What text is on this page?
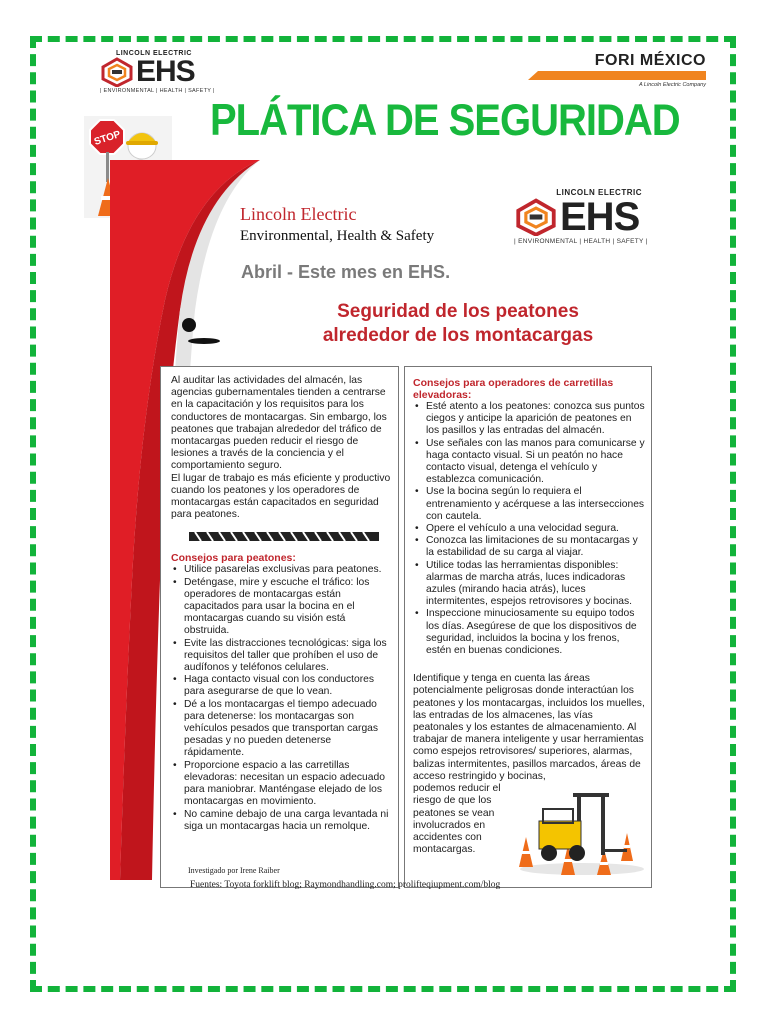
LINCOLN ELECTRIC
EHS
| ENVIRONMENTAL | HEALTH | SAFETY |
FORI MÉXICO
A Lincoln Electric Company
PLÁTICA DE SEGURIDAD
STOP
Lincoln Electric
Environmental, Health & Safety
Abril - Este mes en EHS.
LINCOLN ELECTRIC
EHS
| ENVIRONMENTAL | HEALTH | SAFETY |
Seguridad de los peatones
alrededor de los montacargas
Al auditar las actividades del almacén, las agencias gubernamentales tienden a centrarse en la capacitación y los requisitos para los conductores de montacargas. Sin embargo, los peatones que trabajan alrededor del tráfico de montacargas pueden reducir el riesgo de lesiones a través de la conciencia y el comportamiento seguro.
El lugar de trabajo es más eficiente y productivo cuando los peatones y los operadores de montacargas están capacitados en seguridad para peatones.
Consejos para peatones:
• Utilice pasarelas exclusivas para peatones.
• Deténgase, mire y escuche el tráfico: los operadores de montacargas están capacitados para usar la bocina en el montacargas cuando su visión está obstruida.
• Evite las distracciones tecnológicas: siga los requisitos del taller que prohíben el uso de audífonos y teléfonos celulares.
• Haga contacto visual con los conductores para asegurarse de que lo vean.
• Dé a los montacargas el tiempo adecuado para detenerse: los montacargas son vehículos pesados que transportan cargas pesadas y no pueden detenerse rápidamente.
• Proporcione espacio a las carretillas elevadoras: necesitan un espacio adecuado para maniobrar. Manténgase elejado de los montacargas en movimiento.
• No camine debajo de una carga levantada ni siga un montacargas hacia un remolque.
Consejos para operadores de carretillas elevadoras:
• Esté atento a los peatones: conozca sus puntos ciegos y anticipe la aparición de peatones en los pasillos y las entradas del almacén.
• Use señales con las manos para comunicarse y haga contacto visual. Si un peatón no hace contacto visual, detenga el vehículo y establezca comunicación.
• Use la bocina según lo requiera el entrenamiento y acérquese a las intersecciones con cautela.
• Opere el vehículo a una velocidad segura.
• Conozca las limitaciones de su montacargas y la estabilidad de su carga al viajar.
• Utilice todas las herramientas disponibles: alarmas de marcha atrás, luces indicadoras azules (mirando hacia atrás), luces intermitentes, espejos retrovisores y bocinas.
• Inspeccione minuciosamente su equipo todos los días. Asegúrese de que los dispositivos de seguridad, incluidos la bocina y los frenos, estén en buenas condiciones.
Identifique y tenga en cuenta las áreas potencialmente peligrosas donde interactúan los peatones y los montacargas, incluidos los muelles, las entradas de los almacenes, las vías peatonales y los estantes de almacenamiento. Al trabajar de manera inteligente y usar herramientas como espejos retrovisores/ superiores, alarmas, balizas intermitentes, pasillos marcados, áreas de acceso restringido y bocinas,
podemos reducir el riesgo de que los peatones se vean involucrados en accidentes con montacargas.
Investigado por Irene Raiber
Fuentes: Toyota forklift blog; Raymondhandling.com; prolifteqiupment.com/blog
